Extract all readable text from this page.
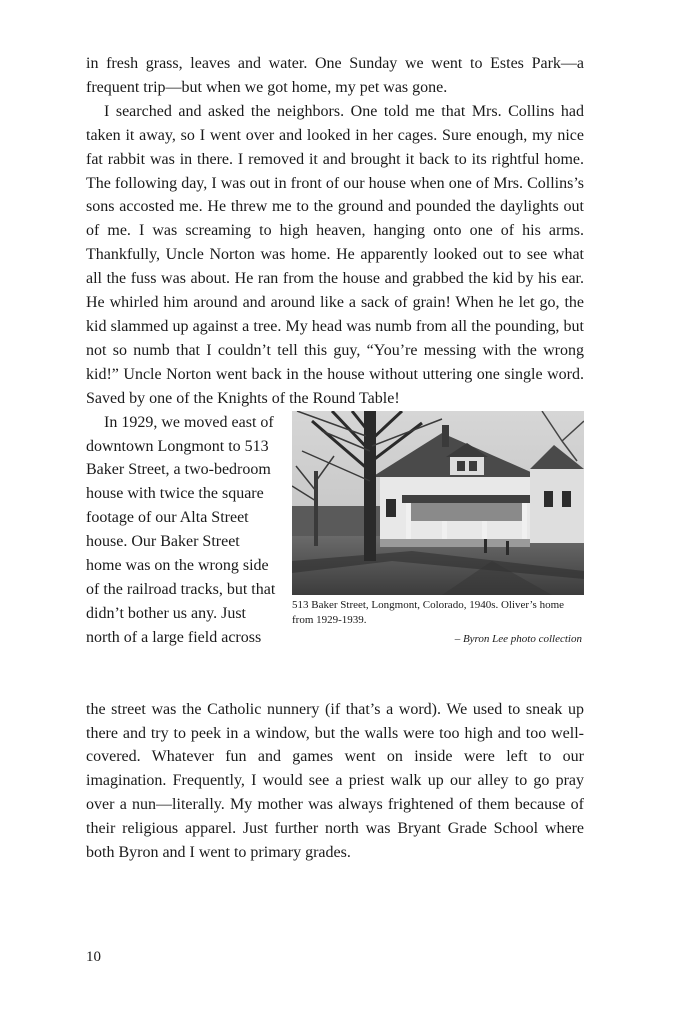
in fresh grass, leaves and water. One Sunday we went to Estes Park—a frequent trip—but when we got home, my pet was gone.

I searched and asked the neighbors. One told me that Mrs. Collins had taken it away, so I went over and looked in her cages. Sure enough, my nice fat rabbit was in there. I removed it and brought it back to its rightful home. The following day, I was out in front of our house when one of Mrs. Collins’s sons accosted me. He threw me to the ground and pounded the daylights out of me. I was screaming to high heaven, hanging onto one of his arms. Thankfully, Uncle Norton was home. He apparently looked out to see what all the fuss was about. He ran from the house and grabbed the kid by his ear. He whirled him around and around like a sack of grain! When he let go, the kid slammed up against a tree. My head was numb from all the pounding, but not so numb that I couldn’t tell this guy, “You’re messing with the wrong kid!” Uncle Norton went back in the house without uttering one single word. Saved by one of the Knights of the Round Table!

In 1929, we moved east of downtown Longmont to 513 Baker Street, a two-bedroom house with twice the square footage of our Alta Street house. Our Baker Street home was on the wrong side of the railroad tracks, but that didn’t bother us any. Just north of a large field across
513 Baker Street, Longmont, Colorado, 1940s. Oliver’s home from 1929-1939.
– Byron Lee photo collection

the street was the Catholic nunnery (if that’s a word). We used to sneak up there and try to peek in a window, but the walls were too high and too well-covered. Whatever fun and games went on inside were left to our imagination. Frequently, I would see a priest walk up our alley to go pray over a nun—literally. My mother was always frightened of them because of their religious apparel. Just further north was Bryant Grade School where both Byron and I went to primary grades.

10
